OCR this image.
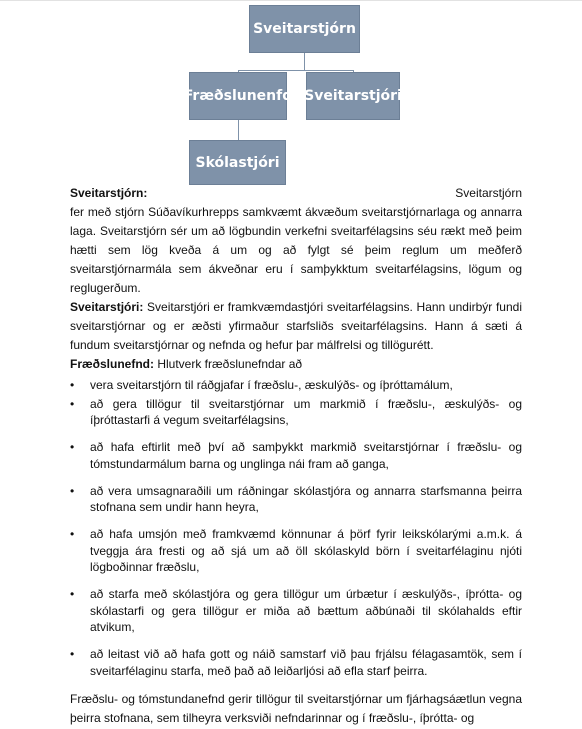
Sveitarstjórn
Fræðslunenfd Sveitarstjóri
Skólastjóri

Sveitarstjórn:	Sveitarstjórn
fer með stjórn Súðavíkurhrepps samkvæmt ákvæðum sveitarstjórnarlaga og annarra laga. Sveitarstjórn sér um að lögbundin verkefni sveitarfélagsins séu rækt með þeim hætti sem lög kveða á um og að fylgt sé þeim reglum um meðferð sveitarstjórnarmála sem ákveðnar eru í samþykktum sveitarfélagsins, lögum og reglugerðum.

Sveitarstjóri: Sveitarstjóri er framkvæmdastjóri sveitarfélagsins. Hann undirbýr fundi sveitarstjórnar og er æðsti yfirmaður starfsliðs sveitarfélagsins. Hann á sæti á fundum sveitarstjórnar og nefnda og hefur þar málfrelsi og tillögurétt.

Fræðslunefnd: Hlutverk fræðslunefndar að

vera sveitarstjórn til ráðgjafar í fræðslu-, æskulýðs- og íþróttamálum,
að gera tillögur til sveitarstjórnar um markmið í fræðslu-, æskulýðs- og íþróttastarfi á vegum sveitarfélagsins,
að hafa eftirlit með því að samþykkt markmið sveitarstjórnar í fræðslu- og tómstundarmálum barna og unglinga nái fram að ganga,
að vera umsagnaraðili um ráðningar skólastjóra og annarra starfsmanna þeirra stofnana sem undir hann heyra,
að hafa umsjón með framkvæmd könnunar á þörf fyrir leikskólarými a.m.k. á tveggja ára fresti og að sjá um að öll skólaskyld börn í sveitarfélaginu njóti lögboðinnar fræðslu,
að starfa með skólastjóra og gera tillögur um úrbætur í æskulýðs-, íþrótta- og skólastarfi og gera tillögur er miða að bættum aðbúnaði til skólahalds eftir atvikum,
að leitast við að hafa gott og náið samstarf við þau frjálsu félagasamtök, sem í sveitarfélaginu starfa, með það að leiðarljósi að efla starf þeirra.

Fræðslu- og tómstundanefnd gerir tillögur til sveitarstjórnar um fjárhagsáætlun vegna þeirra stofnana, sem tilheyra verksviði nefndarinnar og í fræðslu-, íþrótta- og
